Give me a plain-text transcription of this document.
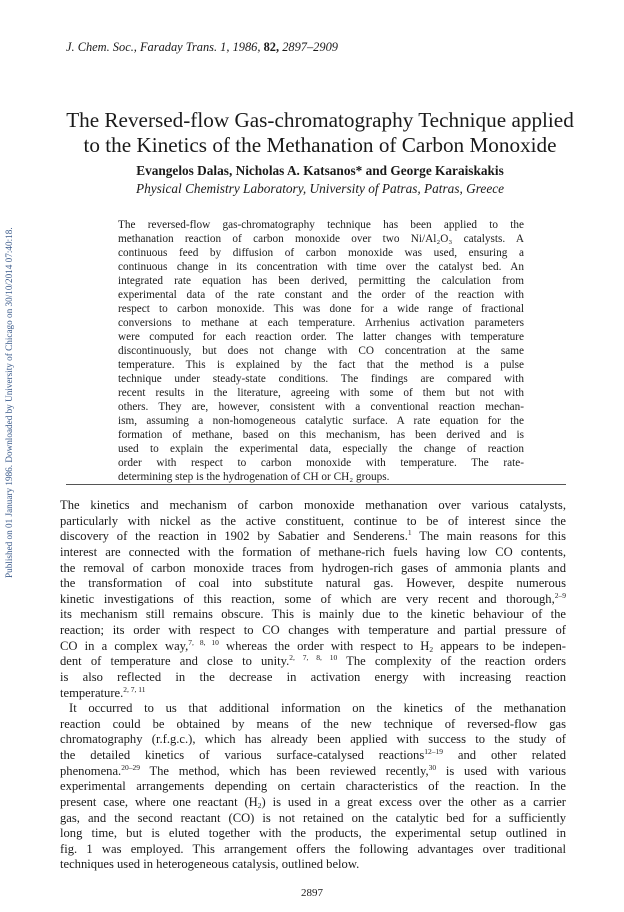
J. Chem. Soc., Faraday Trans. 1, 1986, 82, 2897–2909
Published on 01 January 1986. Downloaded by University of Chicago on 30/10/2014 07:40:18.
The Reversed-flow Gas-chromatography Technique applied
to the Kinetics of the Methanation of Carbon Monoxide
Evangelos Dalas, Nicholas A. Katsanos* and George Karaiskakis
Physical Chemistry Laboratory, University of Patras, Patras, Greece
The reversed-flow gas-chromatography technique has been applied to the
methanation reaction of carbon monoxide over two Ni/Al₂O₃ catalysts. A
continuous feed by diffusion of carbon monoxide was used, ensuring a
continuous change in its concentration with time over the catalyst bed. An
integrated rate equation has been derived, permitting the calculation from
experimental data of the rate constant and the order of the reaction with
respect to carbon monoxide. This was done for a wide range of fractional
conversions to methane at each temperature. Arrhenius activation parameters
were computed for each reaction order. The latter changes with temperature
discontinuously, but does not change with CO concentration at the same
temperature. This is explained by the fact that the method is a pulse
technique under steady-state conditions. The findings are compared with
recent results in the literature, agreeing with some of them but not with
others. They are, however, consistent with a conventional reaction mechan-
ism, assuming a non-homogeneous catalytic surface. A rate equation for the
formation of methane, based on this mechanism, has been derived and is
used to explain the experimental data, especially the change of reaction
order with respect to carbon monoxide with temperature. The rate-
determining step is the hydrogenation of CH or CH₂ groups.
The kinetics and mechanism of carbon monoxide methanation over various catalysts,
particularly with nickel as the active constituent, continue to be of interest since the
discovery of the reaction in 1902 by Sabatier and Senderens.$^1$ The main reasons for this
interest are connected with the formation of methane-rich fuels having low CO contents,
the removal of carbon monoxide traces from hydrogen-rich gases of ammonia plants and
the transformation of coal into substitute natural gas. However, despite numerous
kinetic investigations of this reaction, some of which are very recent and thorough,$^{2-9}$
its mechanism still remains obscure. This is mainly due to the kinetic behaviour of the
reaction; its order with respect to CO changes with temperature and partial pressure of
CO in a complex way,$^{7, 8, 10}$ whereas the order with respect to $H_2$ appears to be indepen-
dent of temperature and close to unity.$^{2, 7, 8, 10}$ The complexity of the reaction orders
is also reflected in the decrease in activation energy with increasing reaction
temperature.$^{2, 7, 11}$
It occurred to us that additional information on the kinetics of the methanation
reaction could be obtained by means of the new technique of reversed-flow gas
chromatography (r.f.g.c.), which has already been applied with success to the study of
the detailed kinetics of various surface-catalysed reactions$^{12-19}$ and other related
phenomena.$^{20-29}$ The method, which has been reviewed recently,$^{30}$ is used with various
experimental arrangements depending on certain characteristics of the reaction. In the
present case, where one reactant $(H_2)$ is used in a great excess over the other as a carrier
gas, and the second reactant (CO) is not retained on the catalytic bed for a sufficiently
long time, but is eluted together with the products, the experimental setup outlined in
fig. 1 was employed. This arrangement offers the following advantages over traditional
techniques used in heterogeneous catalysis, outlined below.
2897
